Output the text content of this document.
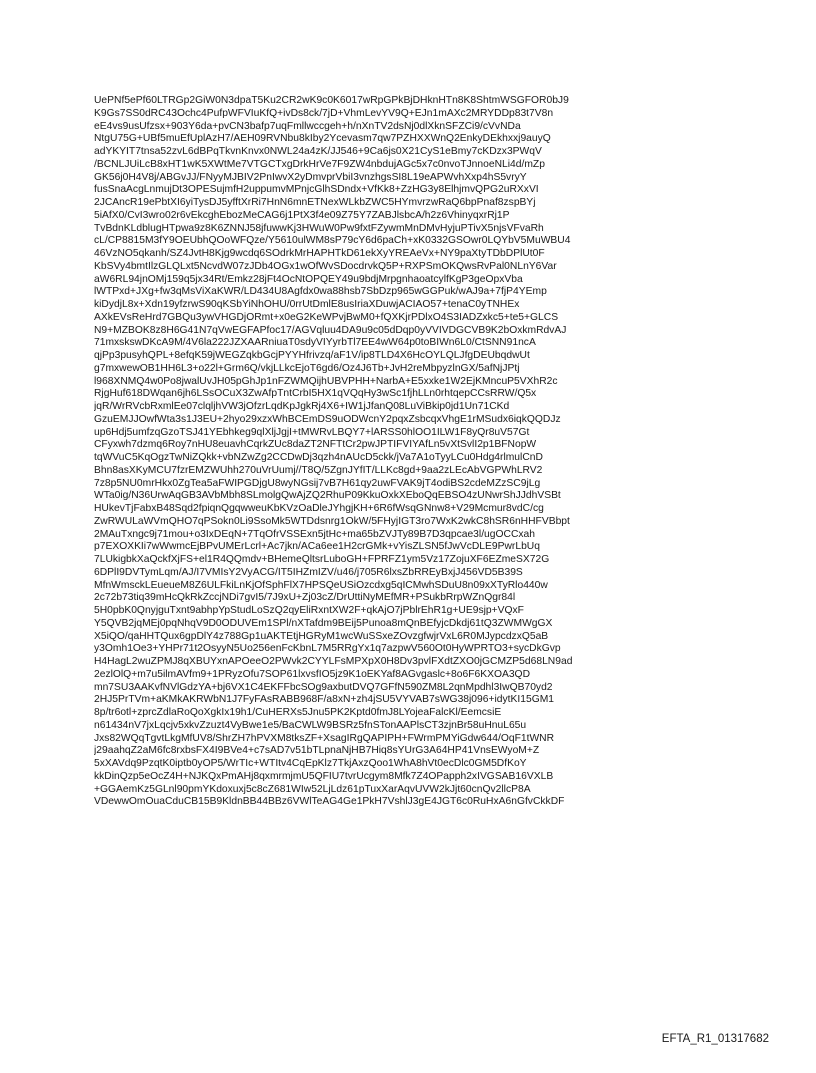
UePNf5ePf60LTRGp2GiW0N3dpaT5Ku2CR2wK9c0K6017wRpGPkBjDHknHTn8K8ShtmWSGFOR0bJ9
K9Gs7SS0dRC43Ochc4PufpWFVIuKfQ+ivDs8ck/7jD+VhmLevYV9Q+EJn1mAXc2MRYDDp83t7V8n
eE4vs9usUfzsx+903Y6da+pvCN3bafp7uqFmllwccgeh+h/nXnTV2dsNj0dlXknSFZCi9/cVvNDa
NtgU75G+UBf5muEfUplAzH7/AEH09RVNbu8kIby2Ycevasm7qw7PZHXXWnQ2EnkyDEkhxxj9auyQ
adYKYIT7tnsa52zvL6dBPqTkvnKnvx0NWL24a4zK/JJ546+9Ca6js0X21CyS1eBmy7cKDzx3PWqV
/BCNLJUiLcB8xHT1wK5XWtMe7VTGCTxgDrkHrVe7F9ZW4nbdujAGc5x7c0nvoTJnnoeNLi4d/mZp
GK56j0H4V8j/ABGvJJ/FNyyMJBIV2PnIwvX2yDmvprVbiI3vnzhgsSI8L19eAPWvhXxp4hS5vryY
fusSnaAcgLnmujDt3OPESujmfH2uppumvMPnjcGlhSDndx+VfKk8+ZzHG3y8ElhjmvQPG2uRXxVI
2JCAncR19ePbtXI6yiTysDJ5yfftXrRi7HnN6mnETNexWLkbZWC5HYmvrzwRaQ6bpPnaf8zspBYj
5iAfX0/CvI3wro02r6vEkcghEbozMeCAG6j1PtX3f4e09Z75Y7ZABJlsbcA/h2z6VhinyqxrRj1P
TvBdnKLdblugHTpwa9z8K6ZNNJ58jfuwwKj3HWuW0Pw9fxtFZywmMnDMvHyjuPTivX5njsVFvaRh
cL/CP8815M3fY9OEUbhQOoWFQze/Y5610ulWM8sP79cY6d6paCh+xK0332GSOwr0LQYbV5MuWBU4
46VzNO5qkanh/SZ4JvtH8Kjg9wcdq6SOdrkMrHAPHTkD61ekXyYREAeVx+NY9paXtyTDbDPlUt0F
KbSVy4bmtIlzGLQLxt5NcvdW07zJDb4OGx1wOfWvSDocdrvkQ5P+RXPSmOKQwsRvPal0NLnY6Var
aW6RL94jnOMj159q5jx34Rt/Emkz28jFt4OcNtOPQEY49u9bdjMrpgnhaoatcylfKgP3geOpxVba
lWTPxd+JXg+fw3qMsViXaKWR/LD434U8Agfdx0wa88hsb7SbDzp965wGGPuk/wAJ9a+7fjP4YEmp
kiDydjL8x+Xdn19yfzrwS90qKSbYiNhOHU/0rrUtDmlE8usIriaXDuwjACIAO57+tenaC0yTNHEx
AXkEVsReHrd7GBQu3ywVHGDjORmt+x0eG2KeWPvjBwM0+fQXKjrPDlxO4S3IADZxkc5+te5+GLCS
N9+MZBOK8z8H6G41N7qVwEGFAPfoc17/AGVqluu4DA9u9c05dDqp0yVVIVDGCVB9K2bOxkmRdvAJ
71mxskswDKcA9M/4V6la222JZXAARniuaT0sdyVIYyrbTl7EE4wW64p0toBIWn6L0/CtSNN91ncA
qjPp3pusyhQPL+8efqK59jWEGZqkbGcjPYYHfrivzq/aF1V/ip8TLD4X6HcOYLQLJfgDEUbqdwUt
g7mxwewOB1HH6L3+o22l+Grm6Q/vkjLLkcEjoT6gd6/Oz4J6Tb+JvH2reMbpyzlnGX/5afNjJPtj
l968XNMQ4w0Po8jwalUvJH05pGhJp1nFZWMQijhUBVPHH+NarbA+E5xxke1W2EjKMncuP5VXhR2c
RjgHuf618DWqan6jh6LSsOCuX3ZwAfpTntCrbI5HX1qVQqHy3wSc1fjhLLn0rhtqepCCsRRW/Q5x
jqR/WrRVcbRxmlEe07clqljhVW3jOfzrLqdKpJgkRj4X6+IW1jJfanQ08LuViBkip0jd1Un71CKd
GzuEMJJOwfWta3s1J3EU+2hyo29xzxWhBCEmDS9uODWcnY2pqxZsbcqxVhgE1rMSudx6iqkQQDJz
up6Hdj5umfzqGzoTSJ41YEbhkeg9qlXljJgjI+tMWRvLBQY7+lARSS0hlOO1ILW1F8yQr8uV57Gt
CFyxwh7dzmq6Roy7nHU8euavhCqrkZUc8daZT2NFTtCr2pwJPTIFVIYAfLn5vXtSvlI2p1BFNopW
tqWVuC5KqOgzTwNiZQkk+vbNZwZg2CCDwDj3qzh4nAUcD5ckk/jVa7A1oTyyLCu0Hdg4rlmulCnD
Bhn8asXKyMCU7fzrEMZWUhh270uVrUumj//T8Q/5ZgnJYfIT/LLKc8gd+9aa2zLEcAbVGPWhLRV2
7z8p5NU0mrHkx0ZgTea5aFWIPGDjgU8wyNGsij7vB7H61qy2uwFVAK9jT4odiBS2cdeMZzSC9jLg
WTa0ig/N36UrwAqGB3AVbMbh8SLmolgQwAjZQ2RhuP09KkuOxkXEboQqEBSO4zUNwrShJJdhVSBt
HUkevTjFabxB48Sqd2fpiqnQgqwweuKbKVzOaDleJYhgjKH+6R6fWsqGNnw8+V29Mcmur8vdC/cg
ZwRWULaWVmQHO7qPSokn0Li9SsoMk5WTDdsnrg1OkW/5FHyjIGT3ro7WxK2wkC8hSR6nHHFVBbpt
2MAuTxngc9j71mou+o3IxDEqN+7TqOfrVSSExn5jtHc+ma65bZVJTy89B7D3qpcae3l/ugOCCxah
p7EXOXKIi7wWwmcEjBPvUMErLcrl+Ac7jkn/ACa6ee1H2crGMk+vYisZLSN5fJwVcDLE9PwrLbUq
7LUkigbkXaQckfXjFS+el1R4QQmdv+BHemeQltsrLuboGH+FPRFZ1ym5Vz17ZojuXF6EZmeSX72G
6DPlI9DVTymLqm/AJ/I7VMIsY2VyACG/IT5IHZmIZV/u46/j705R6lxsZbRREyBxjJ456VD5B39S
MfnWmsckLEueueM8Z6ULFkiLnKjOfSphFlX7HPSQeUSiOzcdxg5qICMwhSDuU8n09xXTyRlo440w
2c72b73tiq39mHcQkRkZccjNDi7gvI5/7J9xU+Zj03cZ/DrUttiNyMEfMR+PSukbRrpWZnQgr84l
5H0pbK0QnyjguTxnt9abhpYpStudLoSzQ2qyEliRxntXW2F+qkAjO7jPblrEhR1g+UE9sjp+VQxF
Y5QVB2jqMEj0pqNhqV9D0ODUVEm1SPl/nXTafdm9BEij5Punoa8mQnBEfyjcDkdj61tQ3ZWMWgGX
X5iQO/qaHHTQux6gpDlY4z788Gp1uAKTEtjHGRyM1wcWuSSxeZOvzgfwjrVxL6R0MJypcdzxQ5aB
y3Omh1Oe3+YHPr71t2OsyyN5Uo256enFcKbnL7M5RRgYx1q7azpwV560Ot0HyWPRTO3+sycDkGvp
H4HagL2wuZPMJ8qXBUYxnAPOeeO2PWvk2CYYLFsMPXpX0H8Dv3pvlFXdtZXO0jGCMZP5d68LN9ad
2ezlOlQ+m7u5ilmAVfm9+1PRyzOfu7SOP61lxvsfIO5jz9K1oEKYaf8AGvgaslc+8o6F6KXOA3QD
mn7SU3AAKvfNVlGdzYA+bj6VX1C4EKFFbcSOg9axbutDVQ7GFfN590ZM8L2qnMpdhl3IwQB70yd2
2HJ5PrTVm+aKMkAKRWbN1J7FyFAsRABB968F/a8xN+zh4jSU5VYVAB7sWG38j096+idytKI15GM1
8p/tr6otl+zprcZdlaRoQoXgkIx19h1/CuHERXs5Jnu5PK2Kptd0fmJ8LYojeaFalcKl/EemcsiE
n61434nV7jxLqcjv5xkvZzuzt4VyBwe1e5/BaCWLW9BSRz5fnSTonAAPlsCT3zjnBr58uHnuL65u
Jxs82WQqTgvtLkgMfUV8/ShrZH7hPVXM8tksZF+XsagIRgQAPIPH+FWrmPMYiGdw644/OqF1tWNR
j29aahqZ2aM6fc8rxbsFX4I9BVe4+c7sAD7v51bTLpnaNjHB7Hiq8sYUrG3A64HP41VnsEWyoM+Z
5xXAVdq9PzqtK0iptb0yOP5/WrTIc+WTItv4CqEpKlz7TkjAxzQoo1WhA8hVt0ecDlc0GM5DfKoY
kkDinQzp5eOcZ4H+NJKQxPmAHj8qxmrmjmU5QFIU7tvrUcgym8Mfk7Z4OPapph2xIVGSAB16VXLB
+GGAemKz5GLnl90pmYKdoxuxj5c8cZ681WIw52LjLdz61pTuxXarAqvUVW2kJjt60cnQv2llcP8A
VDewwOmOuaCduCB15B9KldnBB44BBz6VWlTeAG4Ge1PkH7VshlJ3gE4JGT6c0RuHxA6nGfvCkkDF
EFTA_R1_01317682
